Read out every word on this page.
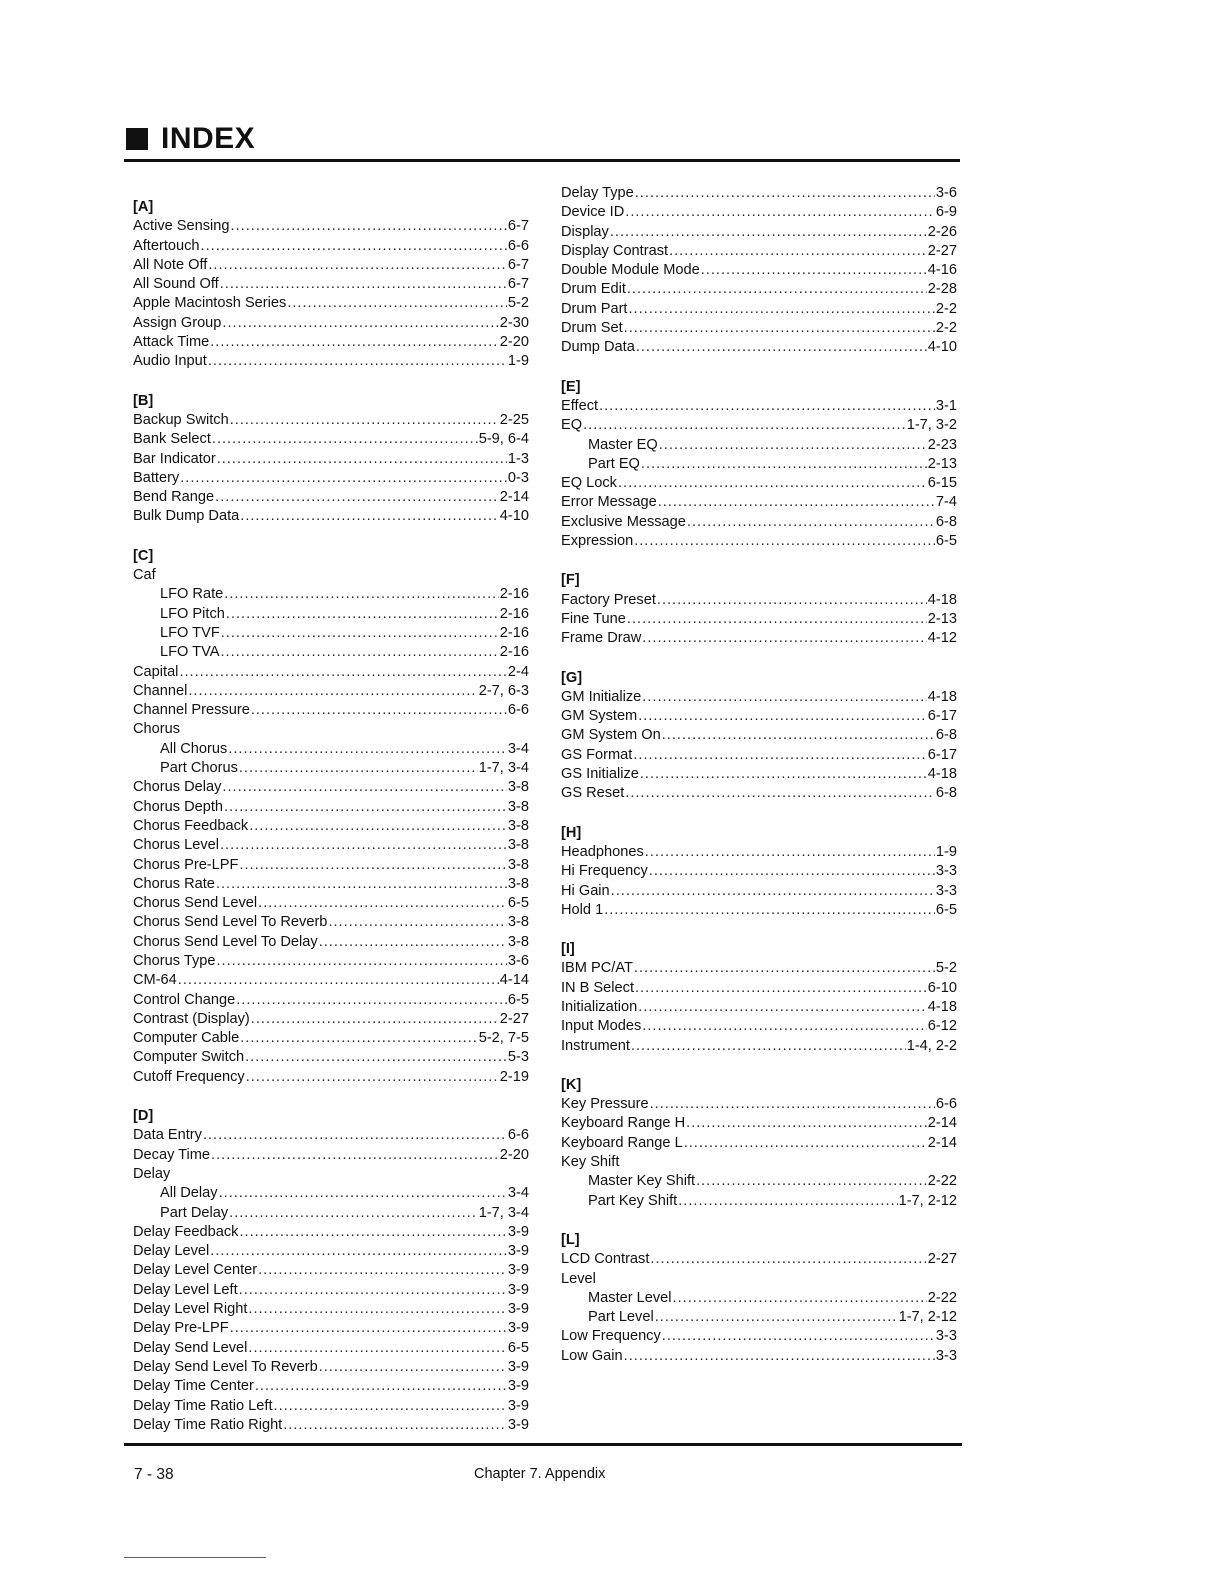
INDEX
[A]
Active Sensing .....	6-7
Aftertouch .....	6-6
All Note Off .....	6-7
All Sound Off .....	6-7
Apple Macintosh Series .....	5-2
Assign Group .....	2-30
Attack Time .....	2-20
Audio Input .....	1-9
[B]
Backup Switch .....	2-25
Bank Select .....	5-9, 6-4
Bar Indicator .....	1-3
Battery .....	0-3
Bend Range .....	2-14
Bulk Dump Data .....	4-10
[C]
Caf
LFO Rate .....	2-16
LFO Pitch .....	2-16
LFO TVF .....	2-16
LFO TVA .....	2-16
Capital .....	2-4
Channel .....	2-7, 6-3
Channel Pressure .....	6-6
Chorus
All Chorus .....	3-4
Part Chorus .....	1-7, 3-4
Chorus Delay .....	3-8
Chorus Depth .....	3-8
Chorus Feedback .....	3-8
Chorus Level .....	3-8
Chorus Pre-LPF .....	3-8
Chorus Rate .....	3-8
Chorus Send Level .....	6-5
Chorus Send Level To Reverb .....	3-8
Chorus Send Level To Delay .....	3-8
Chorus Type .....	3-6
CM-64 .....	4-14
Control Change .....	6-5
Contrast (Display) .....	2-27
Computer Cable .....	5-2, 7-5
Computer Switch .....	5-3
Cutoff Frequency .....	2-19
[D]
Data Entry .....	6-6
Decay Time .....	2-20
Delay
All Delay .....	3-4
Part Delay .....	1-7, 3-4
Delay Feedback .....	3-9
Delay Level .....	3-9
Delay Level Center .....	3-9
Delay Level Left .....	3-9
Delay Level Right .....	3-9
Delay Pre-LPF .....	3-9
Delay Send Level .....	6-5
Delay Send Level To Reverb .....	3-9
Delay Time Center .....	3-9
Delay Time Ratio Left .....	3-9
Delay Time Ratio Right .....	3-9
Delay Type .....	3-6
Device ID .....	6-9
Display .....	2-26
Display Contrast .....	2-27
Double Module Mode .....	4-16
Drum Edit .....	2-28
Drum Part .....	2-2
Drum Set .....	2-2
Dump Data .....	4-10
[E]
Effect .....	3-1
EQ .....	1-7, 3-2
Master EQ .....	2-23
Part EQ .....	2-13
EQ Lock .....	6-15
Error Message .....	7-4
Exclusive Message .....	6-8
Expression .....	6-5
[F]
Factory Preset .....	4-18
Fine Tune .....	2-13
Frame Draw .....	4-12
[G]
GM Initialize .....	4-18
GM System .....	6-17
GM System On .....	6-8
GS Format .....	6-17
GS Initialize .....	4-18
GS Reset .....	6-8
[H]
Headphones .....	1-9
Hi Frequency .....	3-3
Hi Gain .....	3-3
Hold 1 .....	6-5
[I]
IBM PC/AT .....	5-2
IN B Select .....	6-10
Initialization .....	4-18
Input Modes .....	6-12
Instrument .....	1-4, 2-2
[K]
Key Pressure .....	6-6
Keyboard Range H .....	2-14
Keyboard Range L .....	2-14
Key Shift
Master Key Shift .....	2-22
Part Key Shift .....	1-7, 2-12
[L]
LCD Contrast .....	2-27
Level
Master Level .....	2-22
Part Level .....	1-7, 2-12
Low Frequency .....	3-3
Low Gain .....	3-3
7 - 38	Chapter 7. Appendix
